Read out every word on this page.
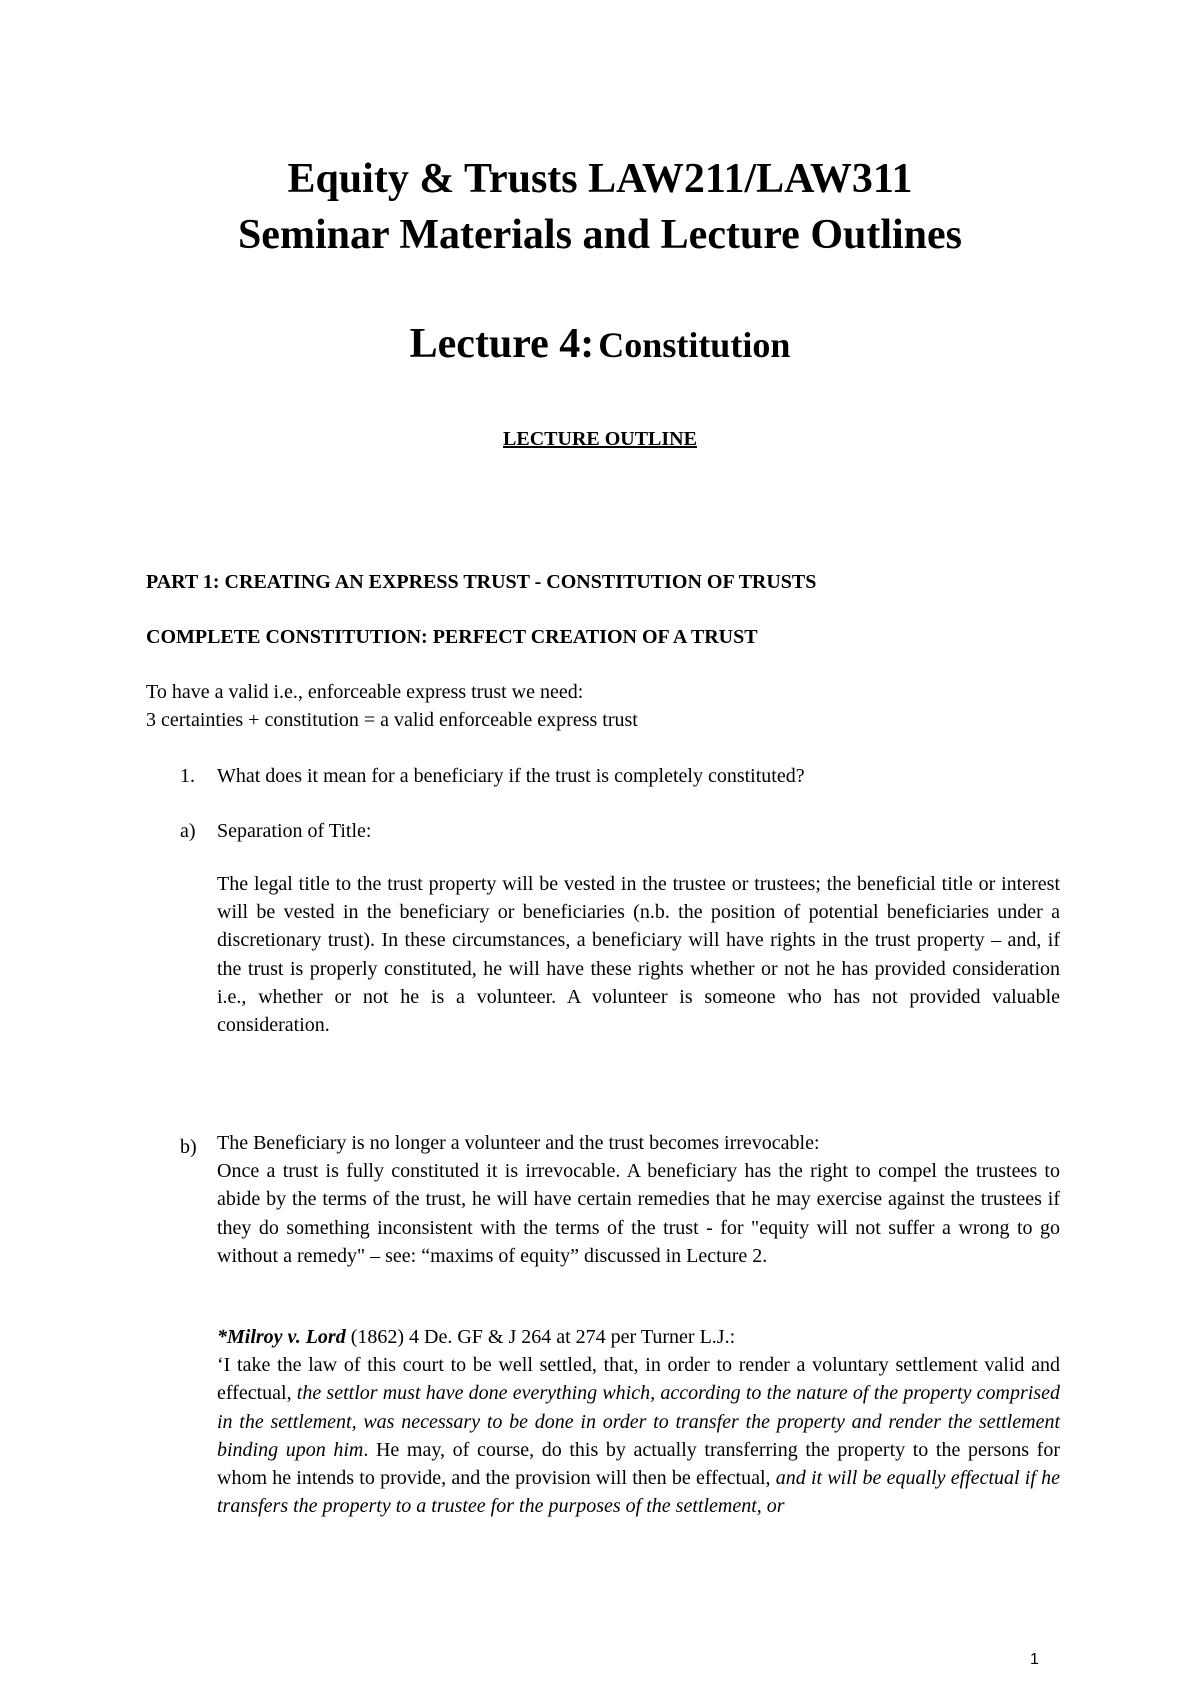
Equity & Trusts LAW211/LAW311
Seminar Materials and Lecture Outlines
Lecture 4: Constitution
LECTURE OUTLINE
PART 1: CREATING AN EXPRESS TRUST - CONSTITUTION OF TRUSTS
COMPLETE CONSTITUTION: PERFECT CREATION OF A TRUST
To have a valid i.e., enforceable express trust we need:
3 certainties + constitution = a valid enforceable express trust
1. What does it mean for a beneficiary if the trust is completely constituted?
a) Separation of Title:

The legal title to the trust property will be vested in the trustee or trustees; the beneficial title or interest will be vested in the beneficiary or beneficiaries (n.b. the position of potential beneficiaries under a discretionary trust). In these circumstances, a beneficiary will have rights in the trust property – and, if the trust is properly constituted, he will have these rights whether or not he has provided consideration i.e., whether or not he is a volunteer. A volunteer is someone who has not provided valuable consideration.

b) The Beneficiary is no longer a volunteer and the trust becomes irrevocable:

Once a trust is fully constituted it is irrevocable. A beneficiary has the right to compel the trustees to abide by the terms of the trust, he will have certain remedies that he may exercise against the trustees if they do something inconsistent with the terms of the trust - for "equity will not suffer a wrong to go without a remedy" – see: “maxims of equity” discussed in Lecture 2.

*Milroy v. Lord (1862) 4 De. GF & J 264 at 274 per Turner L.J.:

‘I take the law of this court to be well settled, that, in order to render a voluntary settlement valid and effectual, the settlor must have done everything which, according to the nature of the property comprised in the settlement, was necessary to be done in order to transfer the property and render the settlement binding upon him. He may, of course, do this by actually transferring the property to the persons for whom he intends to provide, and the provision will then be effectual, and it will be equally effectual if he transfers the property to a trustee for the purposes of the settlement, or

1
